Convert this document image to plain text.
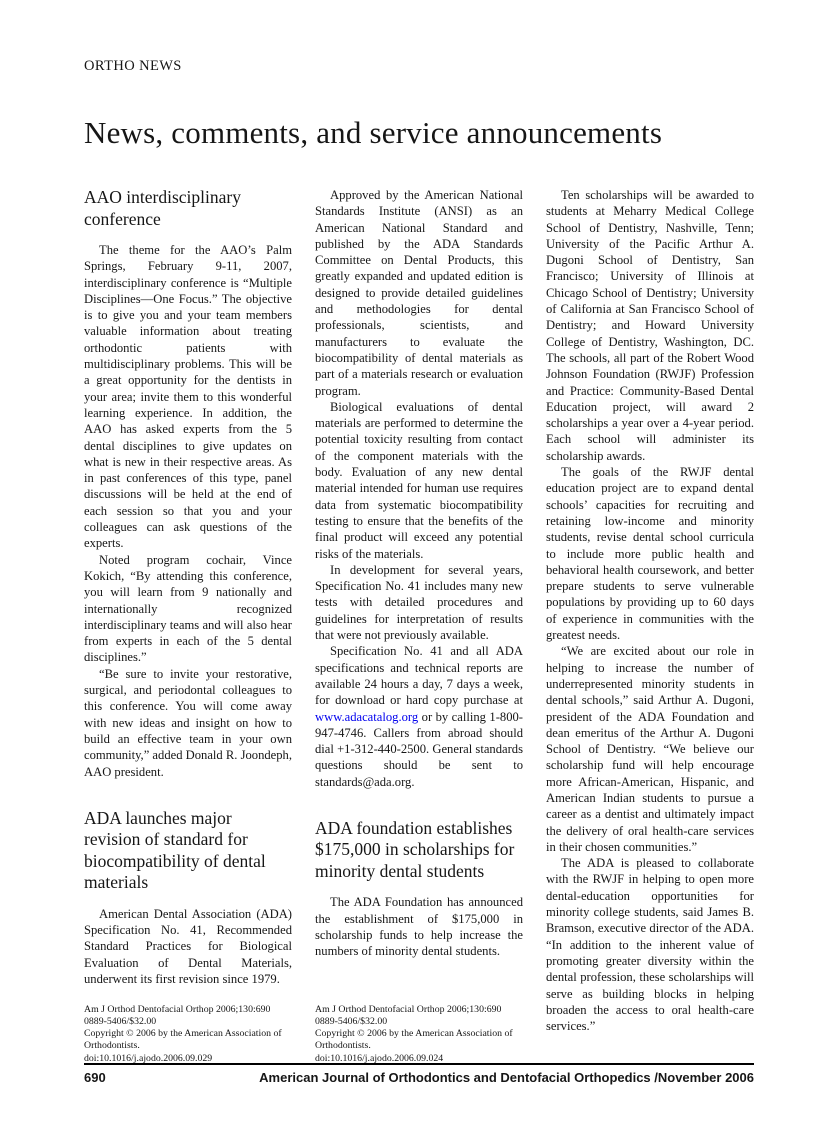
ORTHO NEWS
News, comments, and service announcements
AAO interdisciplinary conference

The theme for the AAO’s Palm Springs, February 9-11, 2007, interdisciplinary conference is “Multiple Disciplines—One Focus.” The objective is to give you and your team members valuable information about treating orthodontic patients with multidisciplinary problems. This will be a great opportunity for the dentists in your area; invite them to this wonderful learning experience. In addition, the AAO has asked experts from the 5 dental disciplines to give updates on what is new in their respective areas. As in past conferences of this type, panel discussions will be held at the end of each session so that you and your colleagues can ask questions of the experts.

Noted program cochair, Vince Kokich, “By attending this conference, you will learn from 9 nationally and internationally recognized interdisciplinary teams and will also hear from experts in each of the 5 dental disciplines.”

“Be sure to invite your restorative, surgical, and periodontal colleagues to this conference. You will come away with new ideas and insight on how to build an effective team in your own community,” added Donald R. Joondeph, AAO president.

ADA launches major revision of standard for biocompatibility of dental materials

American Dental Association (ADA) Specification No. 41, Recommended Standard Practices for Biological Evaluation of Dental Materials, underwent its first revision since 1979.

Am J Orthod Dentofacial Orthop 2006;130:690
0889-5406/$32.00
Copyright © 2006 by the American Association of Orthodontists.
doi:10.1016/j.ajodo.2006.09.029

Approved by the American National Standards Institute (ANSI) as an American National Standard and published by the ADA Standards Committee on Dental Products, this greatly expanded and updated edition is designed to provide detailed guidelines and methodologies for dental professionals, scientists, and manufacturers to evaluate the biocompatibility of dental materials as part of a materials research or evaluation program.

Biological evaluations of dental materials are performed to determine the potential toxicity resulting from contact of the component materials with the body. Evaluation of any new dental material intended for human use requires data from systematic biocompatibility testing to ensure that the benefits of the final product will exceed any potential risks of the materials.

In development for several years, Specification No. 41 includes many new tests with detailed procedures and guidelines for interpretation of results that were not previously available.

Specification No. 41 and all ADA specifications and technical reports are available 24 hours a day, 7 days a week, for download or hard copy purchase at www.adacatalog.org or by calling 1-800-947-4746. Callers from abroad should dial +1-312-440-2500. General standards questions should be sent to standards@ada.org.

ADA foundation establishes $175,000 in scholarships for minority dental students

The ADA Foundation has announced the establishment of $175,000 in scholarship funds to help increase the numbers of minority dental students.

Am J Orthod Dentofacial Orthop 2006;130:690
0889-5406/$32.00
Copyright © 2006 by the American Association of Orthodontists.
doi:10.1016/j.ajodo.2006.09.024

Ten scholarships will be awarded to students at Meharry Medical College School of Dentistry, Nashville, Tenn; University of the Pacific Arthur A. Dugoni School of Dentistry, San Francisco; University of Illinois at Chicago School of Dentistry; University of California at San Francisco School of Dentistry; and Howard University College of Dentistry, Washington, DC. The schools, all part of the Robert Wood Johnson Foundation (RWJF) Profession and Practice: Community-Based Dental Education project, will award 2 scholarships a year over a 4-year period. Each school will administer its scholarship awards.

The goals of the RWJF dental education project are to expand dental schools’ capacities for recruiting and retaining low-income and minority students, revise dental school curricula to include more public health and behavioral health coursework, and better prepare students to serve vulnerable populations by providing up to 60 days of experience in communities with the greatest needs.

“We are excited about our role in helping to increase the number of underrepresented minority students in dental schools,” said Arthur A. Dugoni, president of the ADA Foundation and dean emeritus of the Arthur A. Dugoni School of Dentistry. “We believe our scholarship fund will help encourage more African-American, Hispanic, and American Indian students to pursue a career as a dentist and ultimately impact the delivery of oral health-care services in their chosen communities.”

The ADA is pleased to collaborate with the RWJF in helping to open more dental-education opportunities for minority college students, said James B. Bramson, executive director of the ADA. “In addition to the inherent value of promoting greater diversity within the dental profession, these scholarships will serve as building blocks in helping broaden the access to oral health-care services.”

690	American Journal of Orthodontics and Dentofacial Orthopedics /November 2006
